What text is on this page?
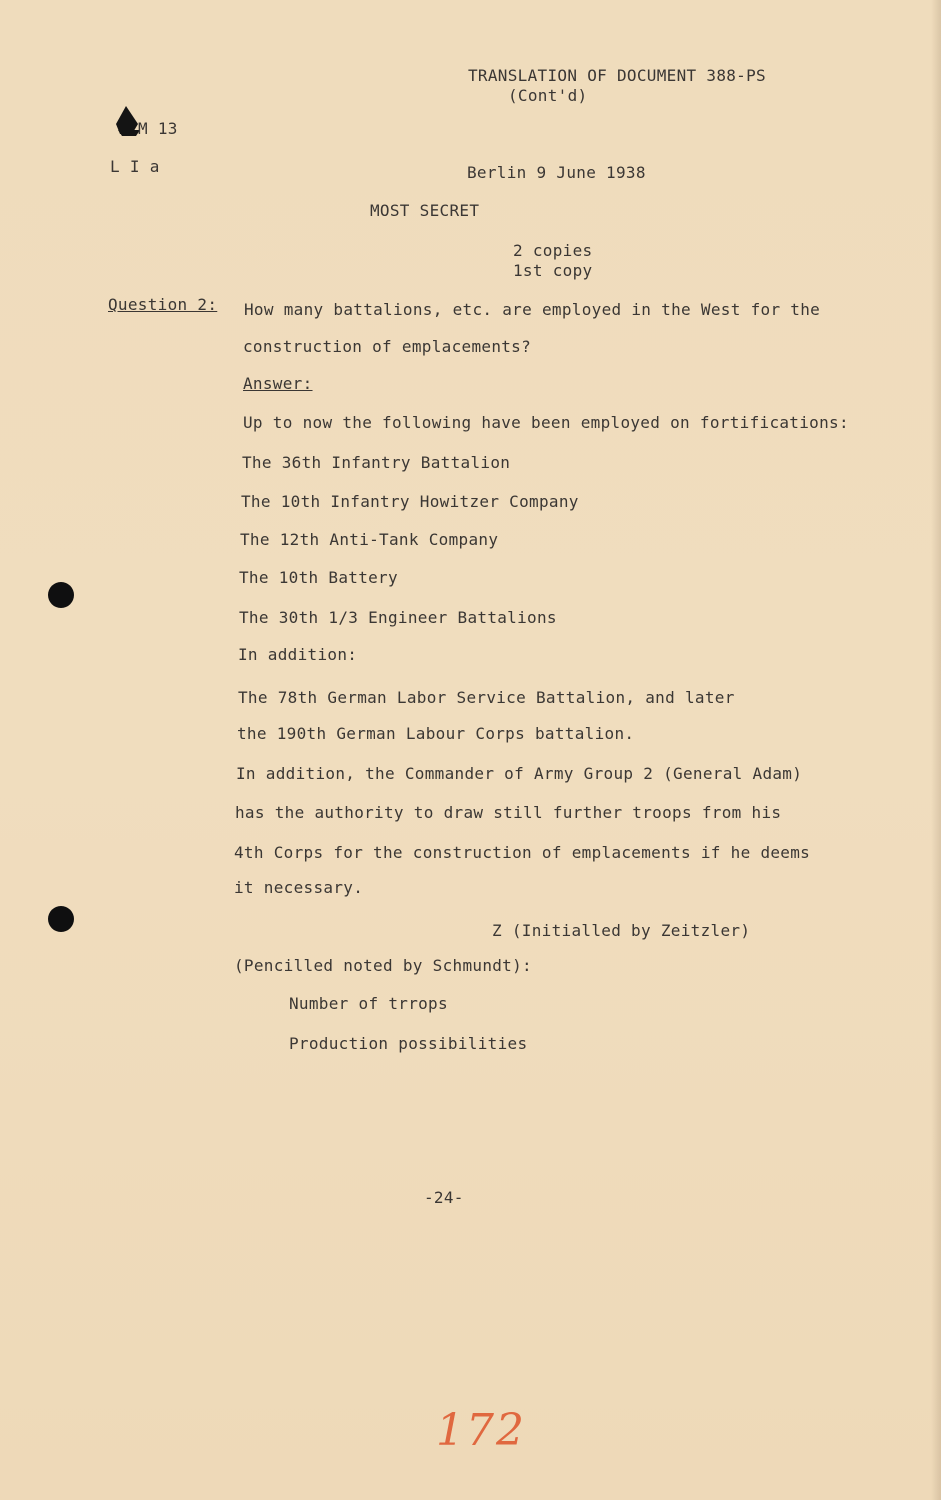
TRANSLATION OF DOCUMENT 388-PS
(Cont'd)
M 13
L I a	Berlin 9 June 1938
MOST SECRET
2 copies
1st copy
Question 2: How many battalions, etc. are employed in the West for the
construction of emplacements?
Answer:
Up to now the following have been employed on fortifications:
The 36th Infantry Battalion
The 10th Infantry Howitzer Company
The 12th Anti-Tank Company
The 10th Battery
The 30th 1/3 Engineer Battalions
In addition:
The 78th German Labor Service Battalion, and later
the 190th German Labour Corps battalion.
In addition, the Commander of Army Group 2 (General Adam)
has the authority to draw still further troops from his
4th Corps for the construction of emplacements if he deems
it necessary.
Z (Initialled by Zeitzler)
(Pencilled noted by Schmundt):
Number of trrops
Production possibilities
-24-
172
